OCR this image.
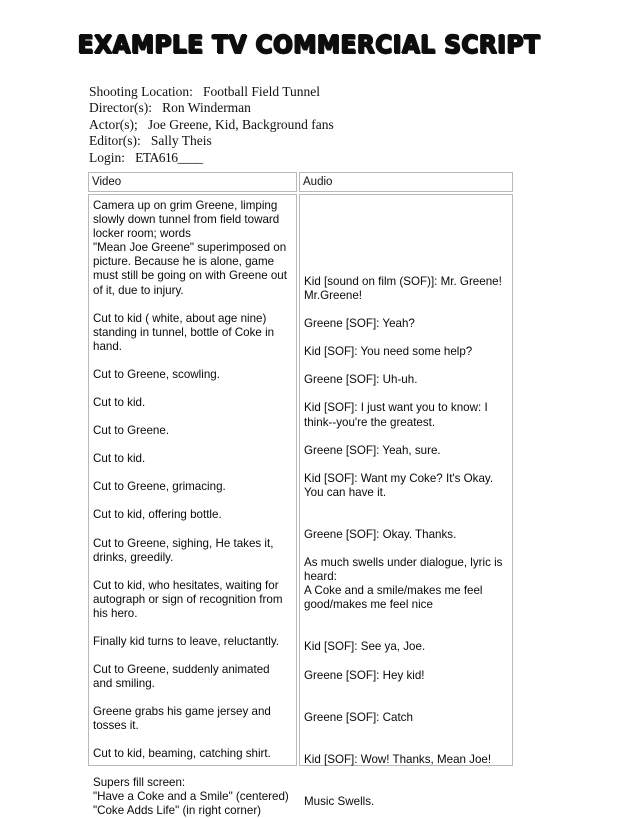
EXAMPLE TV COMMERCIAL SCRIPT
Shooting Location: Football Field Tunnel
Director(s): Ron Winderman
Actor(s); Joe Greene, Kid, Background fans
Editor(s): Sally Theis
Login: ETA616____
Video	Audio

Camera up on grim Greene, limping slowly down tunnel from field toward locker room; words

"Mean Joe Greene" superimposed on picture. Because he is alone, game must still be going on with Greene out of it, due to injury.

Cut to kid ( white, about age nine) standing in tunnel, bottle of Coke in hand.

Cut to Greene, scowling.

Cut to kid.

Cut to Greene.

Cut to kid.

Cut to Greene, grimacing.

Cut to kid, offering bottle.

Cut to Greene, sighing, He takes it, drinks, greedily.

Cut to kid, who hesitates, waiting for autograph or sign of recognition from his hero.

Finally kid turns to leave, reluctantly.

Cut to Greene, suddenly animated and smiling.

Greene grabs his game jersey and tosses it.

Cut to kid, beaming, catching shirt.

Supers fill screen:

"Have a Coke and a Smile" (centered)

"Coke Adds Life" (in right corner)

Kid [sound on film (SOF)]: Mr. Greene! Mr.Greene!

Greene [SOF]: Yeah?

Kid [SOF]: You need some help?

Greene [SOF]: Uh-uh.

Kid [SOF]: I just want you to know: I think--you're the greatest.

Greene [SOF]: Yeah, sure.

Kid [SOF]: Want my Coke? It's Okay. You can have it.

Greene [SOF]: Okay. Thanks.

As much swells under dialogue, lyric is heard:

A Coke and a smile/makes me feel good/makes me feel nice

Kid [SOF]: See ya, Joe.

Greene [SOF]: Hey kid!

Greene [SOF]: Catch

Kid [SOF]: Wow! Thanks, Mean Joe!

Music Swells.
